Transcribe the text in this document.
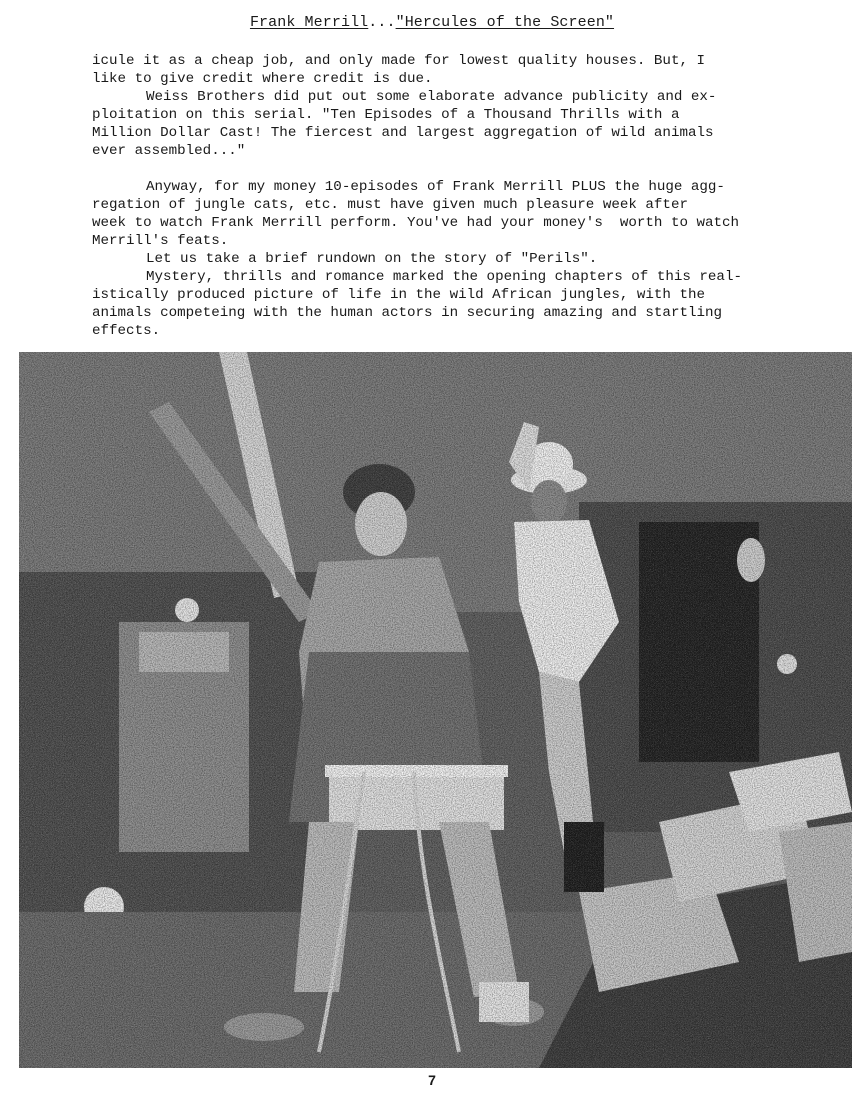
Frank Merrill..."Hercules of the Screen"

icule it as a cheap job, and only made for lowest quality houses. But, I

like to give credit where credit is due.

Weiss Brothers did put out some elaborate advance publicity and ex-

ploitation on this serial. "Ten Episodes of a Thousand Thrills with a

Million Dollar Cast! The fiercest and largest aggregation of wild animals

ever assembled..."

Anyway, for my money 10-episodes of Frank Merrill PLUS the huge agg-

regation of jungle cats, etc. must have given much pleasure week after

week to watch Frank Merrill perform. You've had your money's  worth to watch

Merrill's feats.

Let us take a brief rundown on the story of "Perils".

Mystery, thrills and romance marked the opening chapters of this real-

istically produced picture of life in the wild African jungles, with the

animals competeing with the human actors in securing amazing and startling

effects.

7
